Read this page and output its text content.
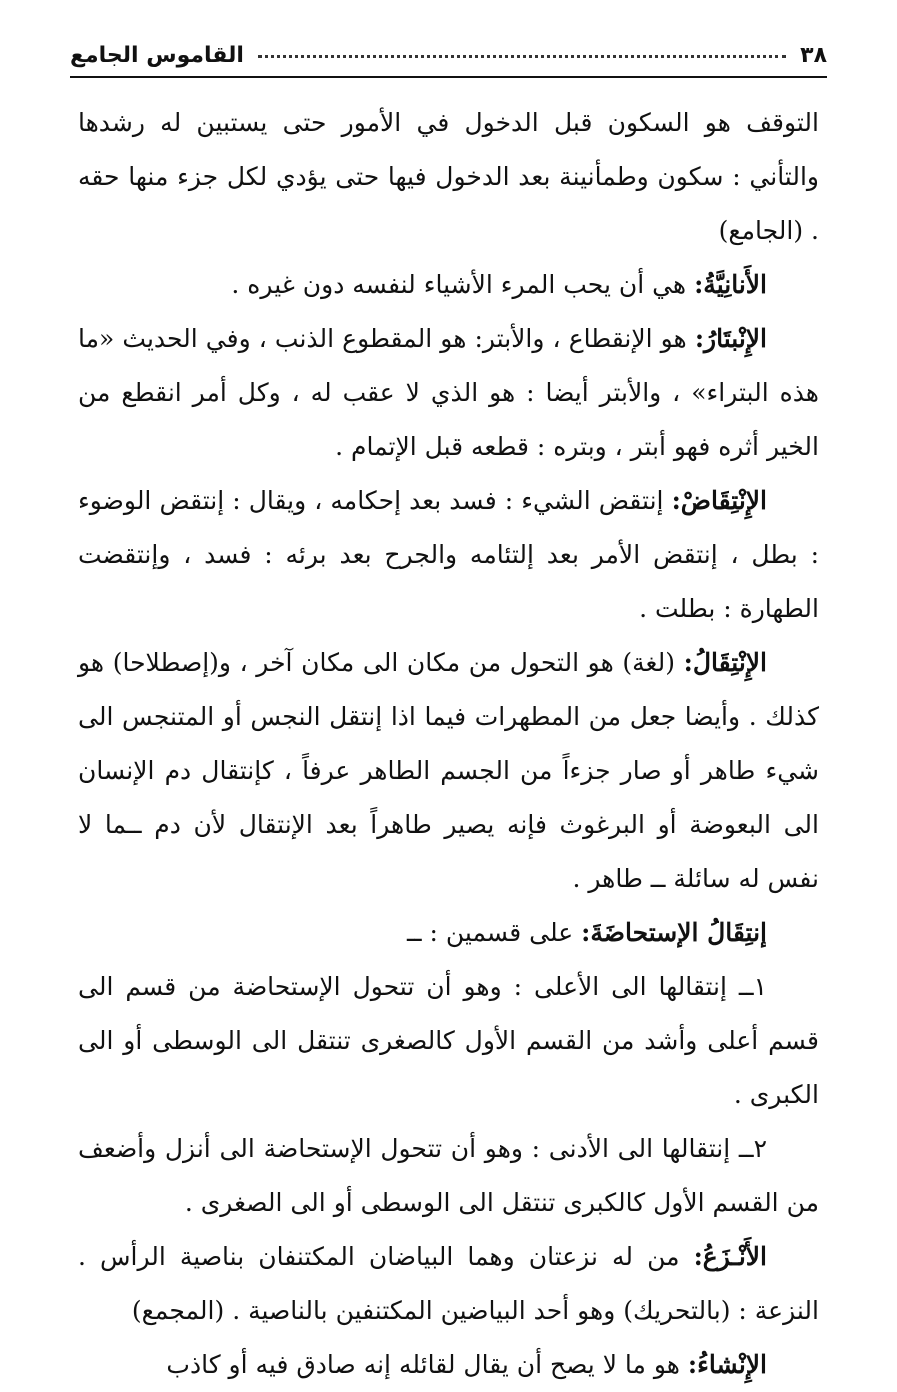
٣٨
القاموس الجامع

التوقف هو السكون قبل الدخول في الأمور حتى يستبين له رشدها والتأني : سكون وطمأنينة بعد الدخول فيها حتى يؤدي لكل جزء منها حقه . (الجامع)

الأَنانِيَّةُ: هي أن يحب المرء الأشياء لنفسه دون غيره .

الإِنْبتَارُ: هو الإنقطاع ، والأبتر: هو المقطوع الذنب ، وفي الحديث «ما هذه البتراء» ، والأبتر أيضا : هو الذي لا عقب له ، وكل أمر انقطع من الخير أثره فهو أبتر ، وبتره : قطعه قبل الإتمام .

الإِنْتِقَاضْ: إنتقض الشيء : فسد بعد إحكامه ، ويقال : إنتقض الوضوء : بطل ، إنتقض الأمر بعد إلتئامه والجرح بعد برئه : فسد ، وإنتقضت الطهارة : بطلت .

الإِنْتِقَالُ: (لغة) هو التحول من مكان الى مكان آخر ، و(إصطلاحا) هو كذلك . وأيضا جعل من المطهرات فيما اذا إنتقل النجس أو المتنجس الى شيء طاهر أو صار جزءاً من الجسم الطاهر عرفاً ، كإنتقال دم الإنسان الى البعوضة أو البرغوث فإنه يصير طاهراً بعد الإنتقال لأن دم ــما لا نفس له سائلة ــ طاهر .

إنتِقَالُ الإستحاضَةَ: على قسمين : ــ

١ــ إنتقالها الى الأعلى : وهو أن تتحول الإستحاضة من قسم الى قسم أعلى وأشد من القسم الأول كالصغرى تنتقل الى الوسطى أو الى الكبرى .

٢ــ إنتقالها الى الأدنى : وهو أن تتحول الإستحاضة الى أنزل وأضعف من القسم الأول كالكبرى تنتقل الى الوسطى أو الى الصغرى .

الأَنْـزَعُ: من له نزعتان وهما البياضان المكتنفان بناصية الرأس . النزعة : (بالتحريك) وهو أحد البياضين المكتنفين بالناصية . (المجمع)

الإِنْشاءُ: هو ما لا يصح أن يقال لقائله إنه صادق فيه أو كاذب
